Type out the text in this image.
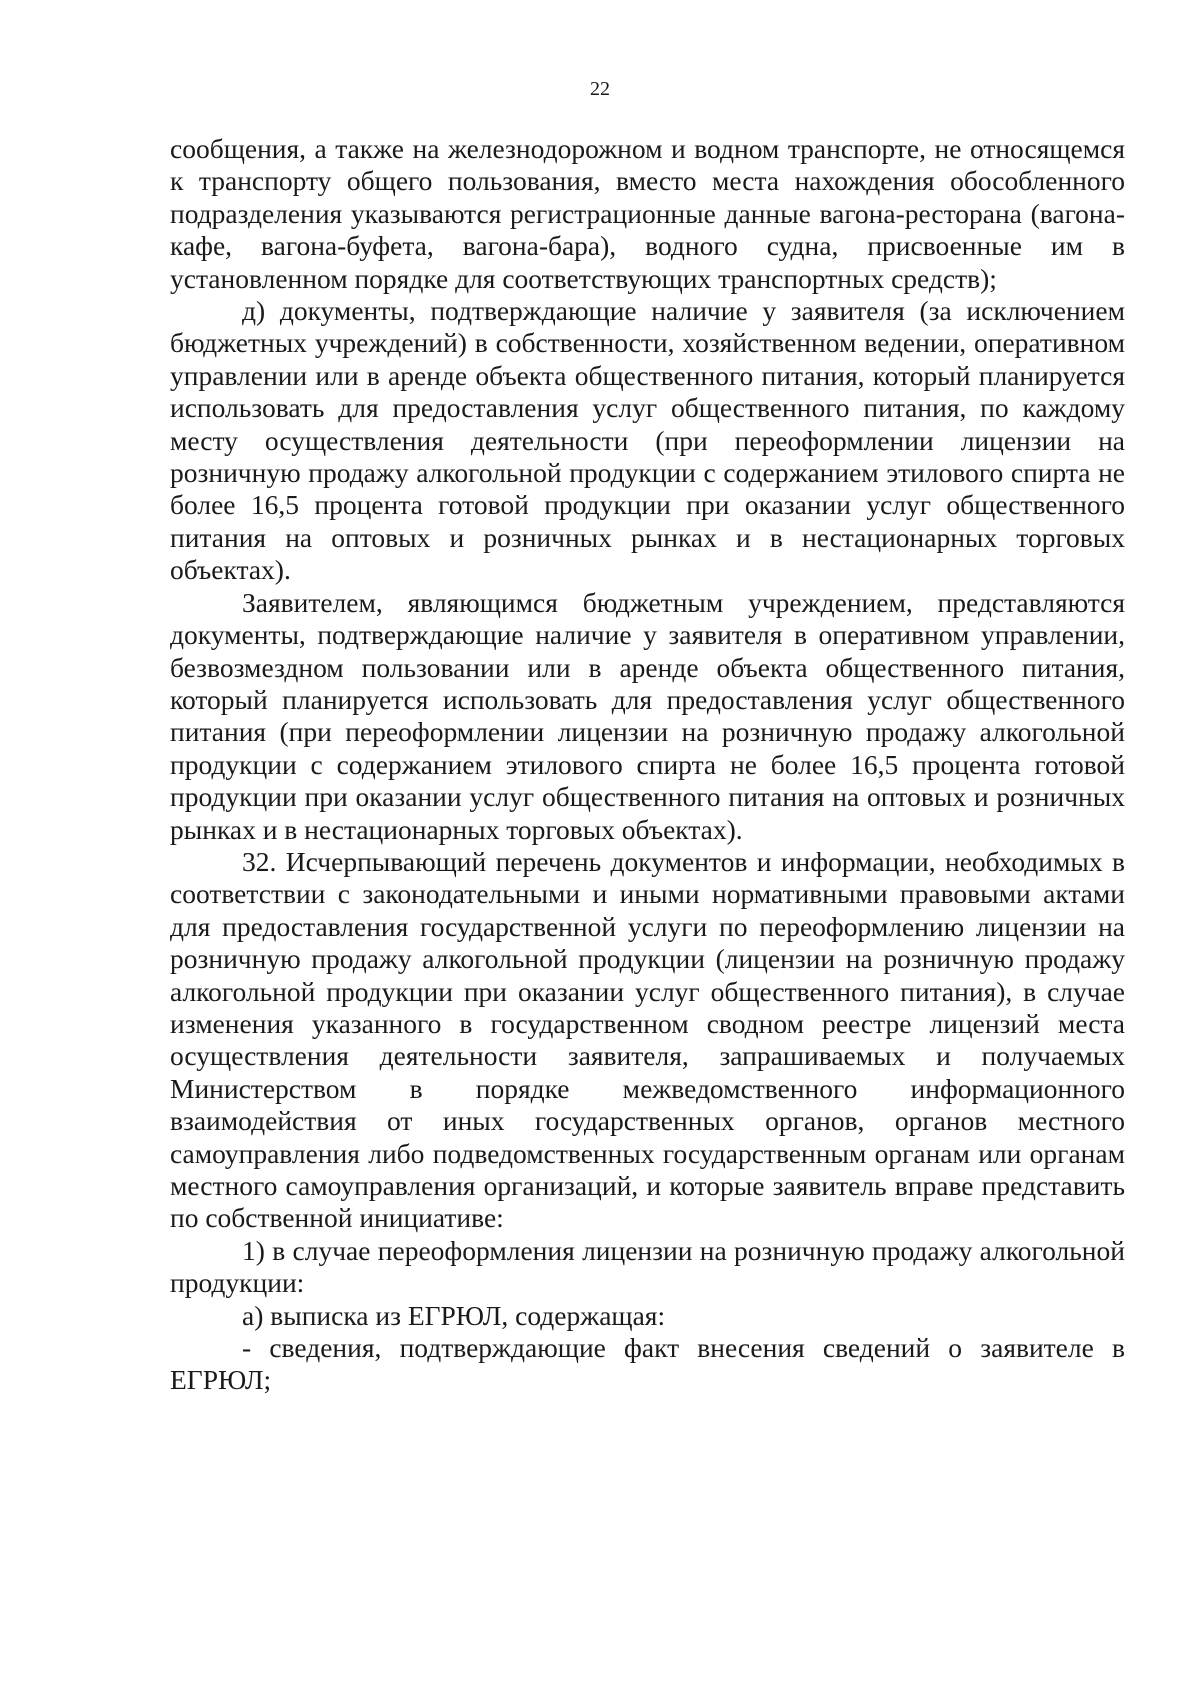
22

сообщения, а также на железнодорожном и водном транспорте, не относящемся к транспорту общего пользования, вместо места нахождения обособленного подразделения указываются регистрационные данные вагона-ресторана (вагона-кафе, вагона-буфета, вагона-бара), водного судна, присвоенные им в установленном порядке для соответствующих транспортных средств);

д) документы, подтверждающие наличие у заявителя (за исключением бюджетных учреждений) в собственности, хозяйственном ведении, оперативном управлении или в аренде объекта общественного питания, который планируется использовать для предоставления услуг общественного питания, по каждому месту осуществления деятельности (при переоформлении лицензии на розничную продажу алкогольной продукции с содержанием этилового спирта не более 16,5 процента готовой продукции при оказании услуг общественного питания на оптовых и розничных рынках и в нестационарных торговых объектах).

Заявителем, являющимся бюджетным учреждением, представляются документы, подтверждающие наличие у заявителя в оперативном управлении, безвозмездном пользовании или в аренде объекта общественного питания, который планируется использовать для предоставления услуг общественного питания (при переоформлении лицензии на розничную продажу алкогольной продукции с содержанием этилового спирта не более 16,5 процента готовой продукции при оказании услуг общественного питания на оптовых и розничных рынках и в нестационарных торговых объектах).

32. Исчерпывающий перечень документов и информации, необходимых в соответствии с законодательными и иными нормативными правовыми актами для предоставления государственной услуги по переоформлению лицензии на розничную продажу алкогольной продукции (лицензии на розничную продажу алкогольной продукции при оказании услуг общественного питания), в случае изменения указанного в государственном сводном реестре лицензий места осуществления деятельности заявителя, запрашиваемых и получаемых Министерством в порядке межведомственного информационного взаимодействия от иных государственных органов, органов местного самоуправления либо подведомственных государственным органам или органам местного самоуправления организаций, и которые заявитель вправе представить по собственной инициативе:

1) в случае переоформления лицензии на розничную продажу алкогольной продукции:

а) выписка из ЕГРЮЛ, содержащая:

- сведения, подтверждающие факт внесения сведений о заявителе в ЕГРЮЛ;
